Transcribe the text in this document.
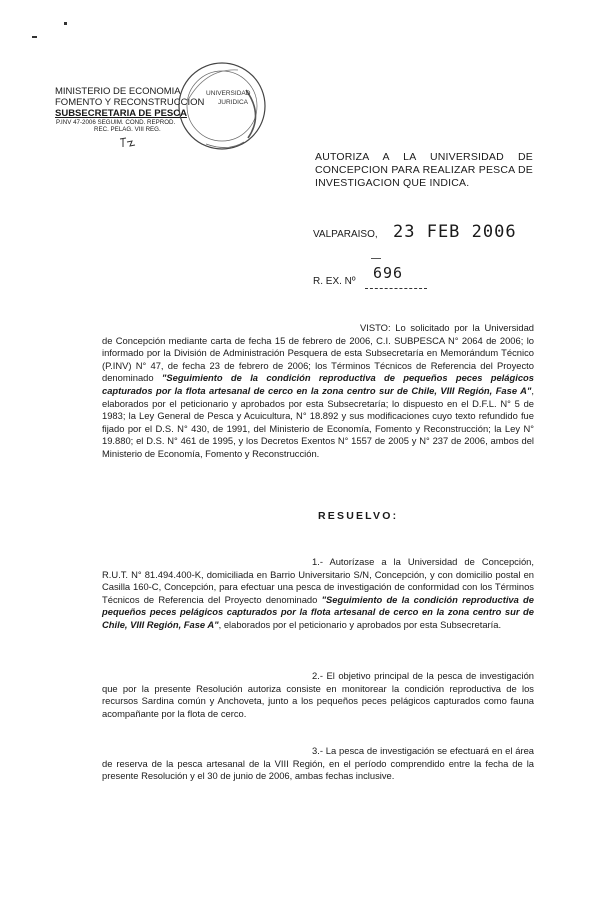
MINISTERIO DE ECONOMIA
FOMENTO Y RECONSTRUCCION
SUBSECRETARIA DE PESCA
P.INV 47-2006 SEGUIM. COND. REPROD.
REC. PELAG. VIII REG.
UNIVERSIDAD
JURIDICA
AUTORIZA A LA UNIVERSIDAD DE CONCEPCION PARA REALIZAR PESCA DE INVESTIGACION QUE INDICA.
VALPARAISO, 23 FEB 2006
R. EX. Nº 696
VISTO: Lo solicitado por la Universidad de Concepción mediante carta de fecha 15 de febrero de 2006, C.I. SUBPESCA N° 2064 de 2006; lo informado por la División de Administración Pesquera de esta Subsecretaría en Memorándum Técnico (P.INV) N° 47, de fecha 23 de febrero de 2006; los Términos Técnicos de Referencia del Proyecto denominado "Seguimiento de la condición reproductiva de pequeños peces pelágicos capturados por la flota artesanal de cerco en la zona centro sur de Chile, VIII Región, Fase A", elaborados por el peticionario y aprobados por esta Subsecretaría; lo dispuesto en el D.F.L. N° 5 de 1983; la Ley General de Pesca y Acuicultura, N° 18.892 y sus modificaciones cuyo texto refundido fue fijado por el D.S. N° 430, de 1991, del Ministerio de Economía, Fomento y Reconstrucción; la Ley N° 19.880; el D.S. N° 461 de 1995, y los Decretos Exentos N° 1557 de 2005 y N° 237 de 2006, ambos del Ministerio de Economía, Fomento y Reconstrucción.
RESUELVO:
1.- Autorízase a la Universidad de Concepción, R.U.T. N° 81.494.400-K, domiciliada en Barrio Universitario S/N, Concepción, y con domicilio postal en Casilla 160-C, Concepción, para efectuar una pesca de investigación de conformidad con los Términos Técnicos de Referencia del Proyecto denominado "Seguimiento de la condición reproductiva de pequeños peces pelágicos capturados por la flota artesanal de cerco en la zona centro sur de Chile, VIII Región, Fase A", elaborados por el peticionario y aprobados por esta Subsecretaría.
2.- El objetivo principal de la pesca de investigación que por la presente Resolución autoriza consiste en monitorear la condición reproductiva de los recursos Sardina común y Anchoveta, junto a los pequeños peces pelágicos capturados como fauna acompañante por la flota de cerco.
3.- La pesca de investigación se efectuará en el área de reserva de la pesca artesanal de la VIII Región, en el período comprendido entre la fecha de la presente Resolución y el 30 de junio de 2006, ambas fechas inclusive.
